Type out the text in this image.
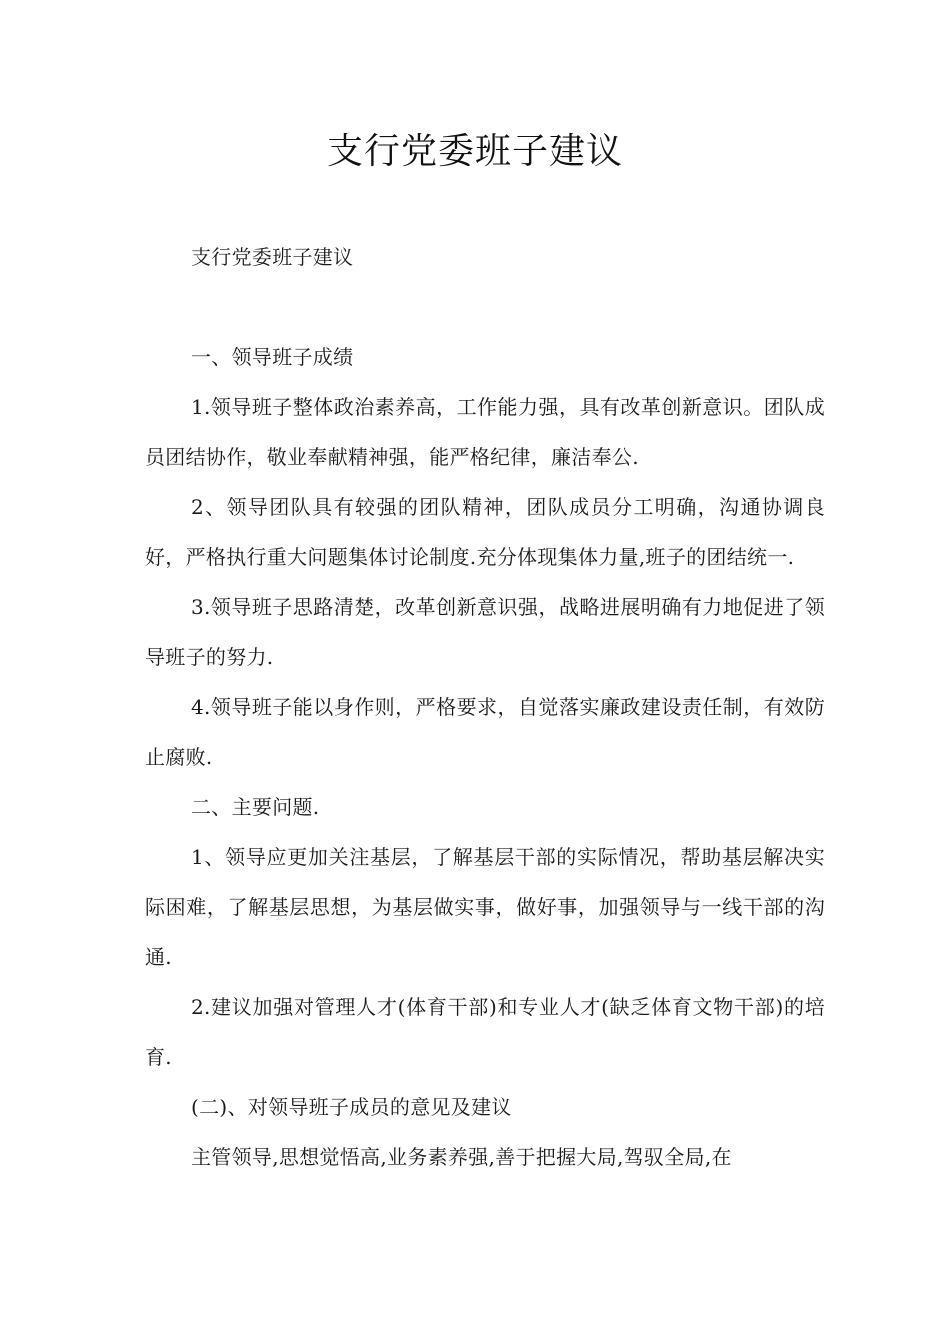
支行党委班子建议

支行党委班子建议

一、领导班子成绩

1.领导班子整体政治素养高，工作能力强，具有改革创新意识。团队成员团结协作，敬业奉献精神强，能严格纪律，廉洁奉公.

2、领导团队具有较强的团队精神，团队成员分工明确，沟通协调良好，严格执行重大问题集体讨论制度.充分体现集体力量,班子的团结统一.

3.领导班子思路清楚，改革创新意识强，战略进展明确有力地促进了领导班子的努力.

4.领导班子能以身作则，严格要求，自觉落实廉政建设责任制，有效防止腐败.

二、主要问题.

1、领导应更加关注基层，了解基层干部的实际情况，帮助基层解决实际困难，了解基层思想，为基层做实事，做好事，加强领导与一线干部的沟通.

2.建议加强对管理人才(体育干部)和专业人才(缺乏体育文物干部)的培育.

(二)、对领导班子成员的意见及建议

主管领导,思想觉悟高,业务素养强,善于把握大局,驾驭全局,在
